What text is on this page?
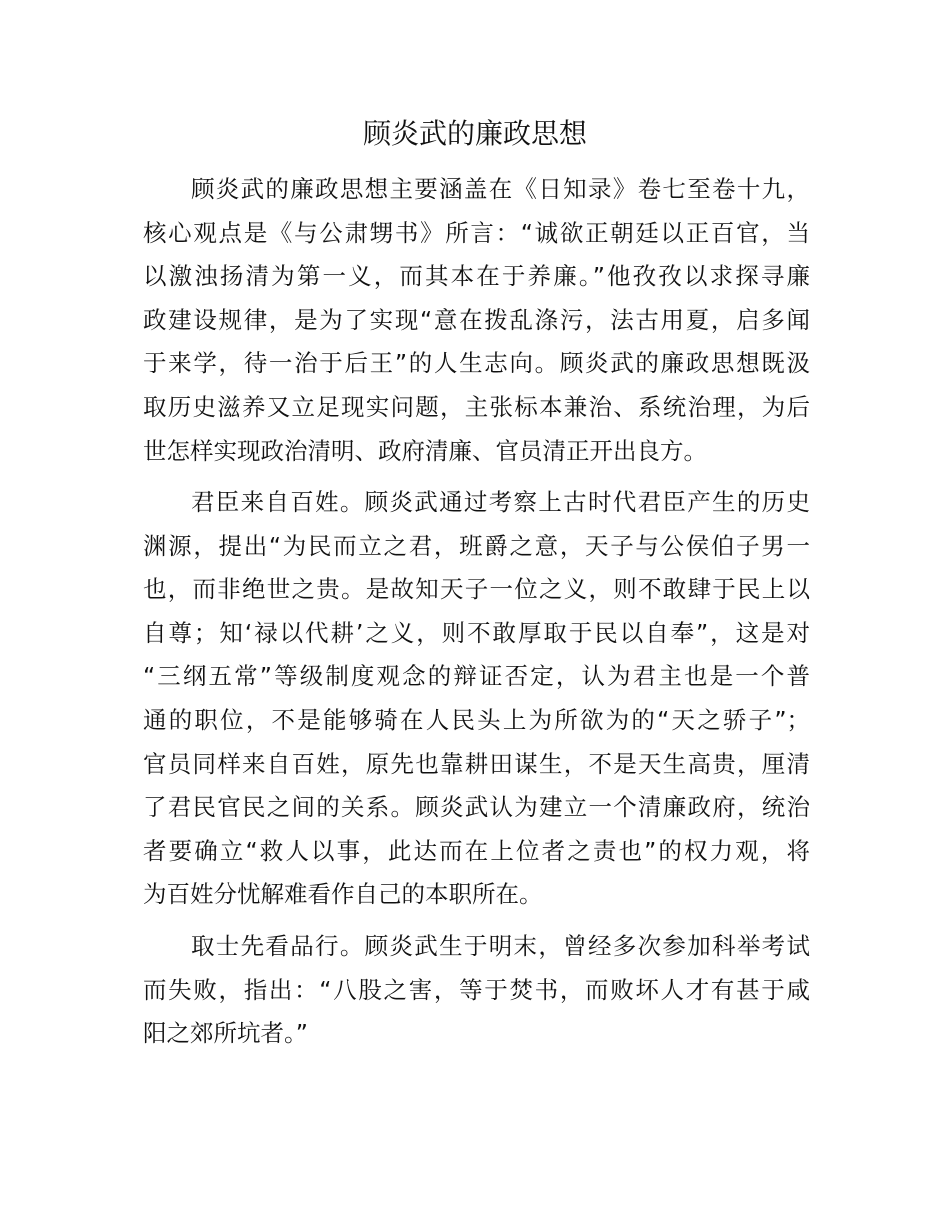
顾炎武的廉政思想
顾炎武的廉政思想主要涵盖在《日知录》卷七至卷十九，
核心观点是《与公肃甥书》所言：“诚欲正朝廷以正百官，当
以激浊扬清为第一义，而其本在于养廉。”他孜孜以求探寻廉
政建设规律，是为了实现“意在拨乱涤污，法古用夏，启多闻
于来学，待一治于后王”的人生志向。顾炎武的廉政思想既汲
取历史滋养又立足现实问题，主张标本兼治、系统治理，为后
世怎样实现政治清明、政府清廉、官员清正开出良方。
君臣来自百姓。顾炎武通过考察上古时代君臣产生的历史
渊源，提出“为民而立之君，班爵之意，天子与公侯伯子男一
也，而非绝世之贵。是故知天子一位之义，则不敢肆于民上以
自尊；知‘禄以代耕’之义，则不敢厚取于民以自奉”，这是对
“三纲五常”等级制度观念的辩证否定，认为君主也是一个普
通的职位，不是能够骑在人民头上为所欲为的“天之骄子”；
官员同样来自百姓，原先也靠耕田谋生，不是天生高贵，厘清
了君民官民之间的关系。顾炎武认为建立一个清廉政府，统治
者要确立“救人以事，此达而在上位者之责也”的权力观，将
为百姓分忧解难看作自己的本职所在。
取士先看品行。顾炎武生于明末，曾经多次参加科举考试
而失败，指出：“八股之害，等于焚书，而败坏人才有甚于咸
阳之郊所坑者。”
